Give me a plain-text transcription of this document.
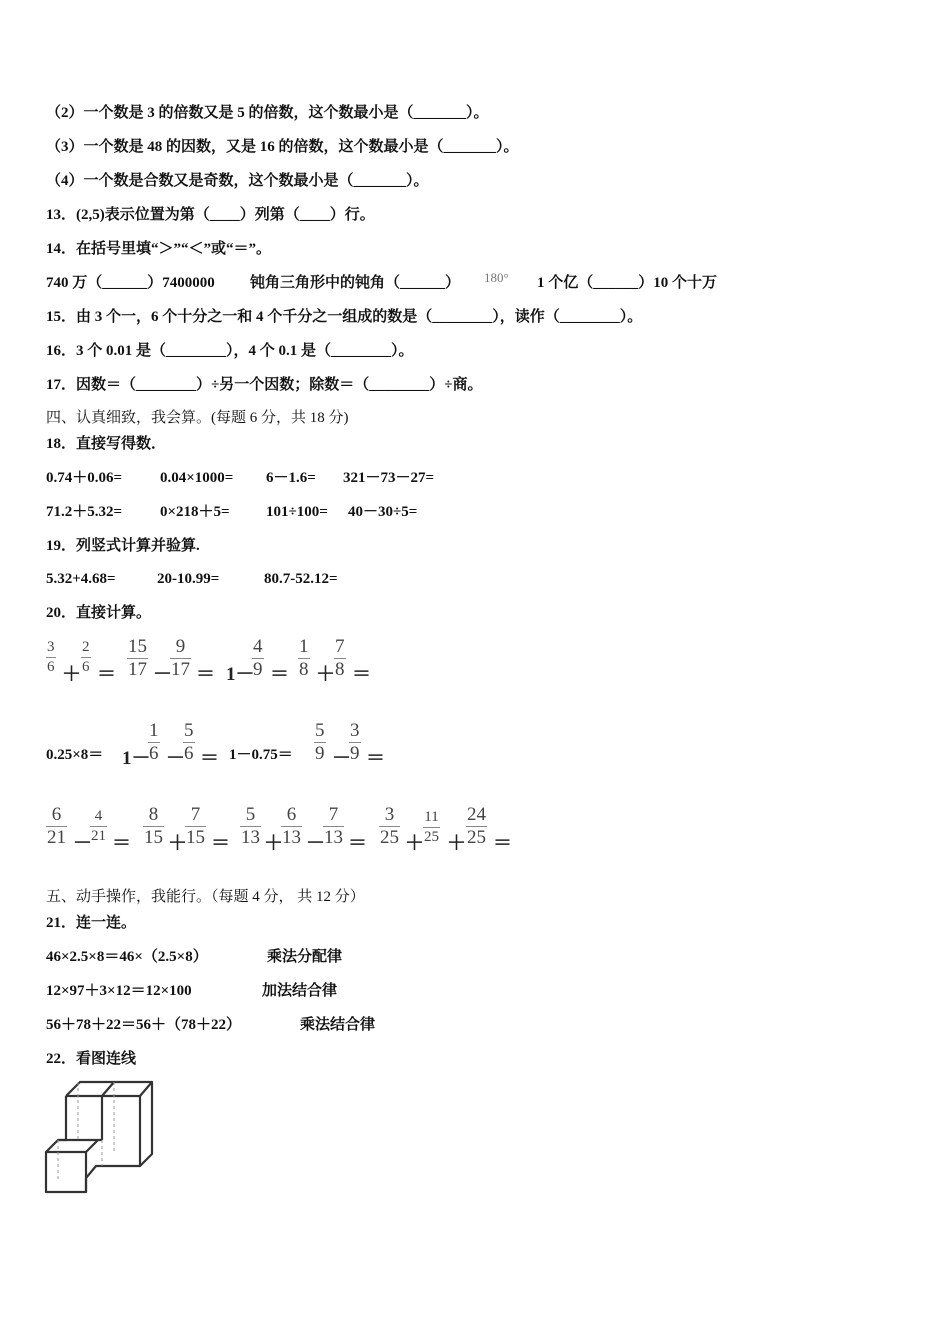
（2）一个数是 3 的倍数又是 5 的倍数，这个数最小是（_______）。
（3）一个数是 48 的因数，又是 16 的倍数，这个数最小是（_______）。
（4）一个数是合数又是奇数，这个数最小是（_______）。
13．(2,5)表示位置为第（____）列第（____）行。
14．在括号里填“＞”“＜”或“＝”。
740 万（______）7400000 钝角三角形中的钝角（______） 180° 1 个亿（______）10 个十万
15．由 3 个一，6 个十分之一和 4 个千分之一组成的数是（________），读作（________）。
16．3 个 0.01 是（________），4 个 0.1 是（________）。
17．因数＝（________）÷另一个因数；除数＝（________）÷商。
四、认真细致，我会算。(每题 6 分，共 18 分)
18．直接写得数．
0.74＋0.06=	0.04×1000= 6－1.6= 321－73－27=
71.2＋5.32=	0×218＋5= 101÷100= 40－30÷5=
19．列竖式计算并验算.
5.32+4.68=	20-10.99=	80.7-52.12=
20．直接计算。
3
6 ＋
2
6 ＝
15
17 －
9
17 ＝ 1－
4
9 ＝
1
8 ＋
7
8 ＝
0.25×8＝ 1－
1
6 －
5
6 ＝ 1－0.75＝
5
9 －
3
9 ＝
6
21 －
4
21 ＝
8
15 ＋
7
15 ＝
5
13 ＋
6
13 －
7
13 ＝
3
25 ＋
11
25 ＋
24
25 ＝
五、动手操作，我能行。（每题 4 分， 共 12 分）
21．连一连。
46×2.5×8＝46×（2.5×8）	乘法分配律
12×97＋3×12＝12×100	加法结合律
56＋78＋22＝56＋（78＋22）	乘法结合律
22．看图连线
